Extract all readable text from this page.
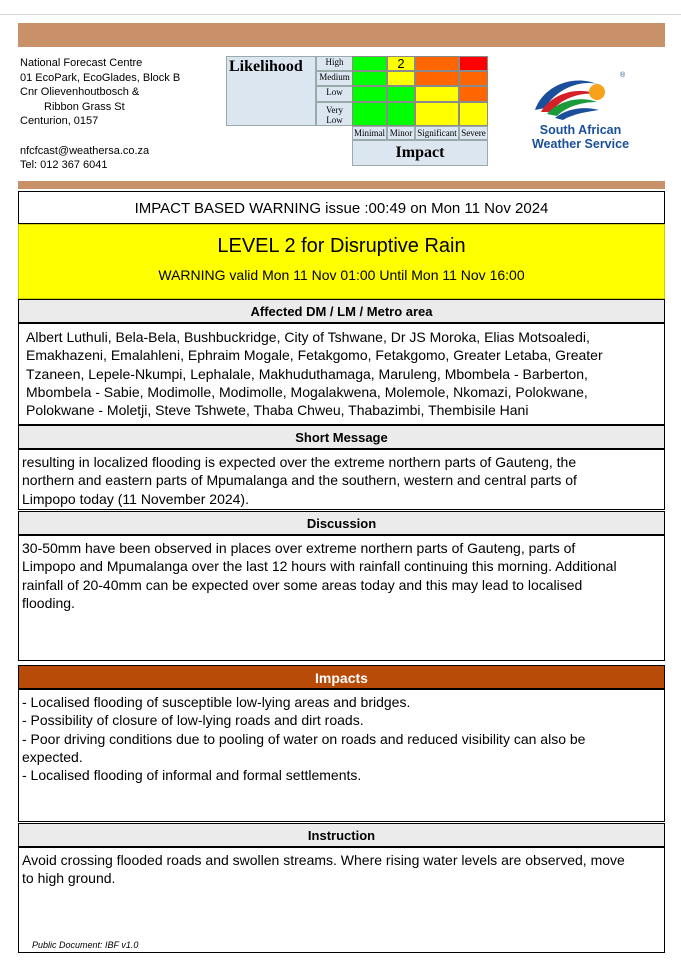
National Forecast Centre
01 EcoPark, EcoGlades, Block B
Cnr Olievenhoutbosch &
Ribbon Grass St
Centurion, 0157
nfcfcast@weathersa.co.za
Tel: 012 367 6041
Likelihood	High
Medium
Low
Very Low
2
Minimal Minor Significant Severe
Impact
®
South African
Weather Service
IMPACT BASED WARNING issue :00:49 on Mon 11 Nov 2024
LEVEL 2 for Disruptive Rain
WARNING valid Mon 11 Nov 01:00 Until Mon 11 Nov 16:00
Affected DM / LM / Metro area
Albert Luthuli, Bela-Bela, Bushbuckridge, City of Tshwane, Dr JS Moroka, Elias Motsoaledi,
Emakhazeni, Emalahleni, Ephraim Mogale, Fetakgomo, Fetakgomo, Greater Letaba, Greater
Tzaneen, Lepele-Nkumpi, Lephalale, Makhuduthamaga, Maruleng, Mbombela - Barberton,
Mbombela - Sabie, Modimolle, Modimolle, Mogalakwena, Molemole, Nkomazi, Polokwane,
Polokwane - Moletji, Steve Tshwete, Thaba Chweu, Thabazimbi, Thembisile Hani
Short Message
resulting in localized flooding is expected over the extreme northern parts of Gauteng, the
northern and eastern parts of Mpumalanga and the southern, western and central parts of
Limpopo today (11 November 2024).
Discussion
30-50mm have been observed in places over extreme northern parts of Gauteng, parts of
Limpopo and Mpumalanga over the last 12 hours with rainfall continuing this morning. Additional
rainfall of 20-40mm can be expected over some areas today and this may lead to localised
flooding.
Impacts
- Localised flooding of susceptible low-lying areas and bridges.
- Possibility of closure of low-lying roads and dirt roads.
- Poor driving conditions due to pooling of water on roads and reduced visibility can also be
expected.
- Localised flooding of informal and formal settlements.
Instruction
Avoid crossing flooded roads and swollen streams. Where rising water levels are observed, move
to high ground.
Public Document: IBF v1.0
